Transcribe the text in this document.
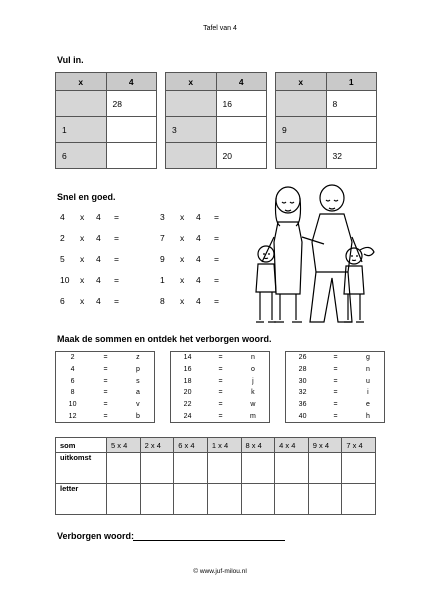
Tafel van 4
Vul in.
x	4
	28
1	
6	
x	4
	16
3	
	20
x	1
	8
9	
	32
Snel en goed.
4 x 4 =
2 x 4 =
5 x 4 =
10 x 4 =
6 x 4 =
3 x 4 =
7 x 4 =
9 x 4 =
1 x 4 =
8 x 4 =
Maak de sommen en ontdek het verborgen woord.
2	=	z
4	=	p
6	=	s
8	=	a
10	=	v
12	=	b
14	=	n
16	=	o
18	=	j
20	=	k
22	=	w
24	=	m
26	=	g
28	=	n
30	=	u
32	=	i
36	=	e
40	=	h
som	5 x 4	2 x 4	6 x 4	1 x 4	8 x 4	4 x 4	9 x 4	7 x 4
uitkomst								
letter								
Verborgen woord:
© www.juf-milou.nl
